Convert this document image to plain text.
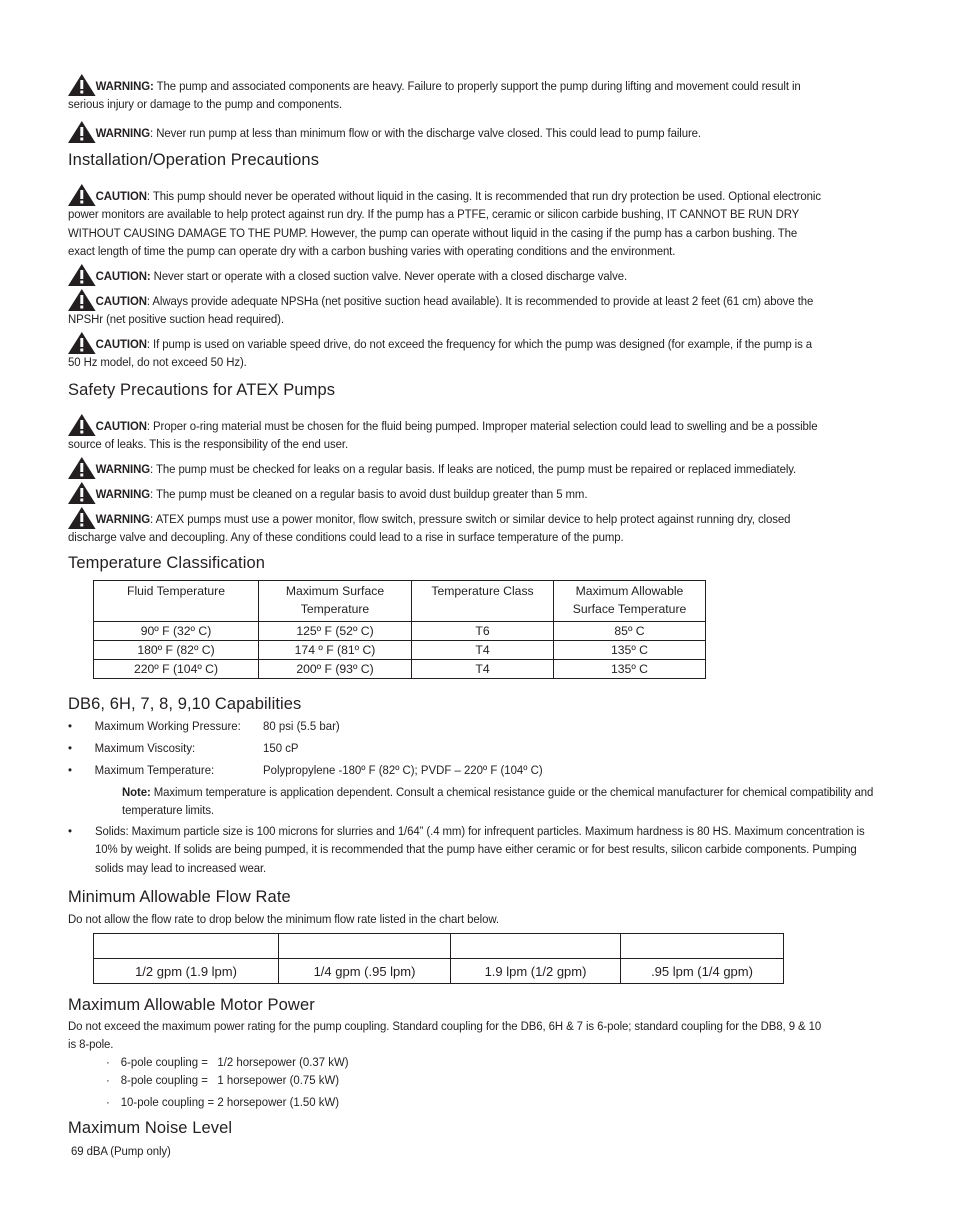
WARNING: The pump and associated components are heavy. Failure to properly support the pump during lifting and movement could result in serious injury or damage to the pump and components.
WARNING: Never run pump at less than minimum flow or with the discharge valve closed. This could lead to pump failure.
Installation/Operation Precautions
CAUTION: This pump should never be operated without liquid in the casing. It is recommended that run dry protection be used. Optional electronic power monitors are available to help protect against run dry. If the pump has a PTFE, ceramic or silicon carbide bushing, IT CANNOT BE RUN DRY WITHOUT CAUSING DAMAGE TO THE PUMP. However, the pump can operate without liquid in the casing if the pump has a carbon bushing. The exact length of time the pump can operate dry with a carbon bushing varies with operating conditions and the environment.
CAUTION: Never start or operate with a closed suction valve. Never operate with a closed discharge valve.
CAUTION: Always provide adequate NPSHa (net positive suction head available). It is recommended to provide at least 2 feet (61 cm) above the NPSHr (net positive suction head required).
CAUTION: If pump is used on variable speed drive, do not exceed the frequency for which the pump was designed (for example, if the pump is a 50 Hz model, do not exceed 50 Hz).
Safety Precautions for ATEX Pumps
CAUTION: Proper o-ring material must be chosen for the fluid being pumped. Improper material selection could lead to swelling and be a possible source of leaks. This is the responsibility of the end user.
WARNING: The pump must be checked for leaks on a regular basis. If leaks are noticed, the pump must be repaired or replaced immediately.
WARNING: The pump must be cleaned on a regular basis to avoid dust buildup greater than 5 mm.
WARNING: ATEX pumps must use a power monitor, flow switch, pressure switch or similar device to help protect against running dry, closed discharge valve and decoupling. Any of these conditions could lead to a rise in surface temperature of the pump.
Temperature Classification
Fluid Temperature	Maximum Surface Temperature	Temperature Class	Maximum Allowable Surface Temperature
90º F (32º C)	125º F (52º C)	T6	85º C
180º F (82º C)	174 º F (81º C)	T4	135º C
220º F (104º C)	200º F (93º C)	T4	135º C
DB6, 6H, 7, 8, 9,10 Capabilities
• Maximum Working Pressure: 80 psi (5.5 bar)
• Maximum Viscosity:	150 cP
• Maximum Temperature:	Polypropylene -180º F (82º C); PVDF – 220º F (104º C)
Note: Maximum temperature is application dependent. Consult a chemical resistance guide or the chemical manufacturer for chemical compatibility and temperature limits.
• Solids: Maximum particle size is 100 microns for slurries and 1/64” (.4 mm) for infrequent particles. Maximum hardness is 80 HS. Maximum concentration is 10% by weight. If solids are being pumped, it is recommended that the pump have either ceramic or for best results, silicon carbide components. Pumping solids may lead to increased wear.
Minimum Allowable Flow Rate
Do not allow the flow rate to drop below the minimum flow rate listed in the chart below.

1/2 gpm (1.9 lpm)	1/4 gpm (.95 lpm)	1.9 lpm (1/2 gpm)	.95 lpm (1/4 gpm)
Maximum Allowable Motor Power
Do not exceed the maximum power rating for the pump coupling. Standard coupling for the DB6, 6H & 7 is 6-pole; standard coupling for the DB8, 9 & 10 is 8-pole.
· 6-pole coupling =   1/2 horsepower (0.37 kW)
· 8-pole coupling =   1 horsepower (0.75 kW)
· 10-pole coupling = 2 horsepower (1.50 kW)
Maximum Noise Level
69 dBA (Pump only)
